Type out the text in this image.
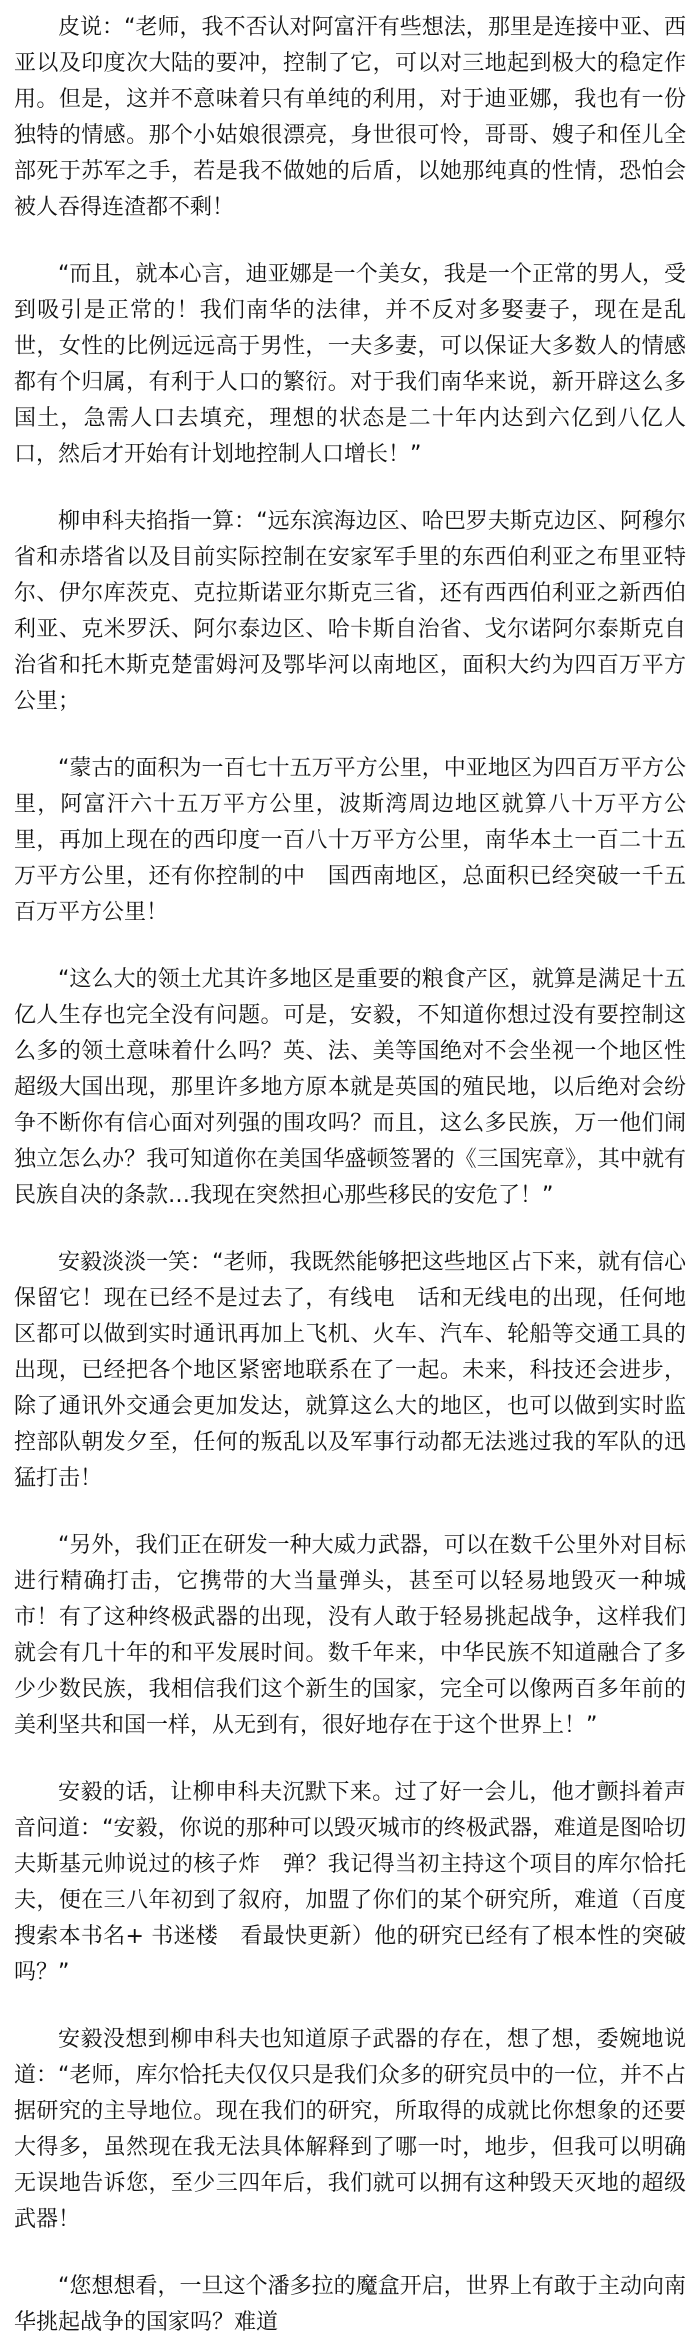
皮说：“老师，我不否认对阿富汗有些想法，那里是连接中亚、西亚以及印度次大陆的要冲，控制了它，可以对三地起到极大的稳定作用。但是，这并不意味着只有单纯的利用，对于迪亚娜，我也有一份独特的情感。那个小姑娘很漂亮，身世很可怜，哥哥、嫂子和侄儿全部死于苏军之手，若是我不做她的后盾，以她那纯真的性情，恐怕会被人吞得连渣都不剩！

“而且，就本心言，迪亚娜是一个美女，我是一个正常的男人，受到吸引是正常的！我们南华的法律，并不反对多娶妻子，现在是乱世，女性的比例远远高于男性，一夫多妻，可以保证大多数人的情感都有个归属，有利于人口的繁衍。对于我们南华来说，新开辟这么多国土，急需人口去填充，理想的状态是二十年内达到六亿到八亿人口，然后才开始有计划地控制人口增长！”

柳申科夫掐指一算：“远东滨海边区、哈巴罗夫斯克边区、阿穆尔省和赤塔省以及目前实际控制在安家军手里的东西伯利亚之布里亚特尔、伊尔库茨克、克拉斯诺亚尔斯克三省，还有西西伯利亚之新西伯利亚、克米罗沃、阿尔泰边区、哈卡斯自治省、戈尔诺阿尔泰斯克自治省和托木斯克楚雷姆河及鄂毕河以南地区，面积大约为四百万平方公里；

“蒙古的面积为一百七十五万平方公里，中亚地区为四百万平方公里，阿富汗六十五万平方公里，波斯湾周边地区就算八十万平方公里，再加上现在的西印度一百八十万平方公里，南华本土一百二十五万平方公里，还有你控制的中　国西南地区，总面积已经突破一千五百万平方公里！

“这么大的领土尤其许多地区是重要的粮食产区，就算是满足十五亿人生存也完全没有问题。可是，安毅，不知道你想过没有要控制这么多的领土意味着什么吗？英、法、美等国绝对不会坐视一个地区性超级大国出现，那里许多地方原本就是英国的殖民地，以后绝对会纷争不断你有信心面对列强的围攻吗？而且，这么多民族，万一他们闹独立怎么办？我可知道你在美国华盛顿签署的《三国宪章》，其中就有民族自决的条款…我现在突然担心那些移民的安危了！”

安毅淡淡一笑：“老师，我既然能够把这些地区占下来，就有信心保留它！现在已经不是过去了，有线电　话和无线电的出现，任何地区都可以做到实时通讯再加上飞机、火车、汽车、轮船等交通工具的出现，已经把各个地区紧密地联系在了一起。未来，科技还会进步，除了通讯外交通会更加发达，就算这么大的地区，也可以做到实时监控部队朝发夕至，任何的叛乱以及军事行动都无法逃过我的军队的迅猛打击！

“另外，我们正在研发一种大威力武器，可以在数千公里外对目标进行精确打击，它携带的大当量弹头，甚至可以轻易地毁灭一种城市！有了这种终极武器的出现，没有人敢于轻易挑起战争，这样我们就会有几十年的和平发展时间。数千年来，中华民族不知道融合了多少少数民族，我相信我们这个新生的国家，完全可以像两百多年前的美利坚共和国一样，从无到有，很好地存在于这个世界上！”

安毅的话，让柳申科夫沉默下来。过了好一会儿，他才颤抖着声音问道：“安毅，你说的那种可以毁灭城市的终极武器，难道是图哈切夫斯基元帅说过的核子炸　弹？我记得当初主持这个项目的库尔恰托夫，便在三八年初到了叙府，加盟了你们的某个研究所，难道（百度搜索本书名+ 书迷楼　看最快更新）他的研究已经有了根本性的突破吗？”

安毅没想到柳申科夫也知道原子武器的存在，想了想，委婉地说道：“老师，库尔恰托夫仅仅只是我们众多的研究员中的一位，并不占据研究的主导地位。现在我们的研究，所取得的成就比你想象的还要大得多，虽然现在我无法具体解释到了哪一吋，地步，但我可以明确无误地告诉您，至少三四年后，我们就可以拥有这种毁天灭地的超级武器！

“您想想看，一旦这个潘多拉的魔盒开启，世界上有敢于主动向南华挑起战争的国家吗？难道
